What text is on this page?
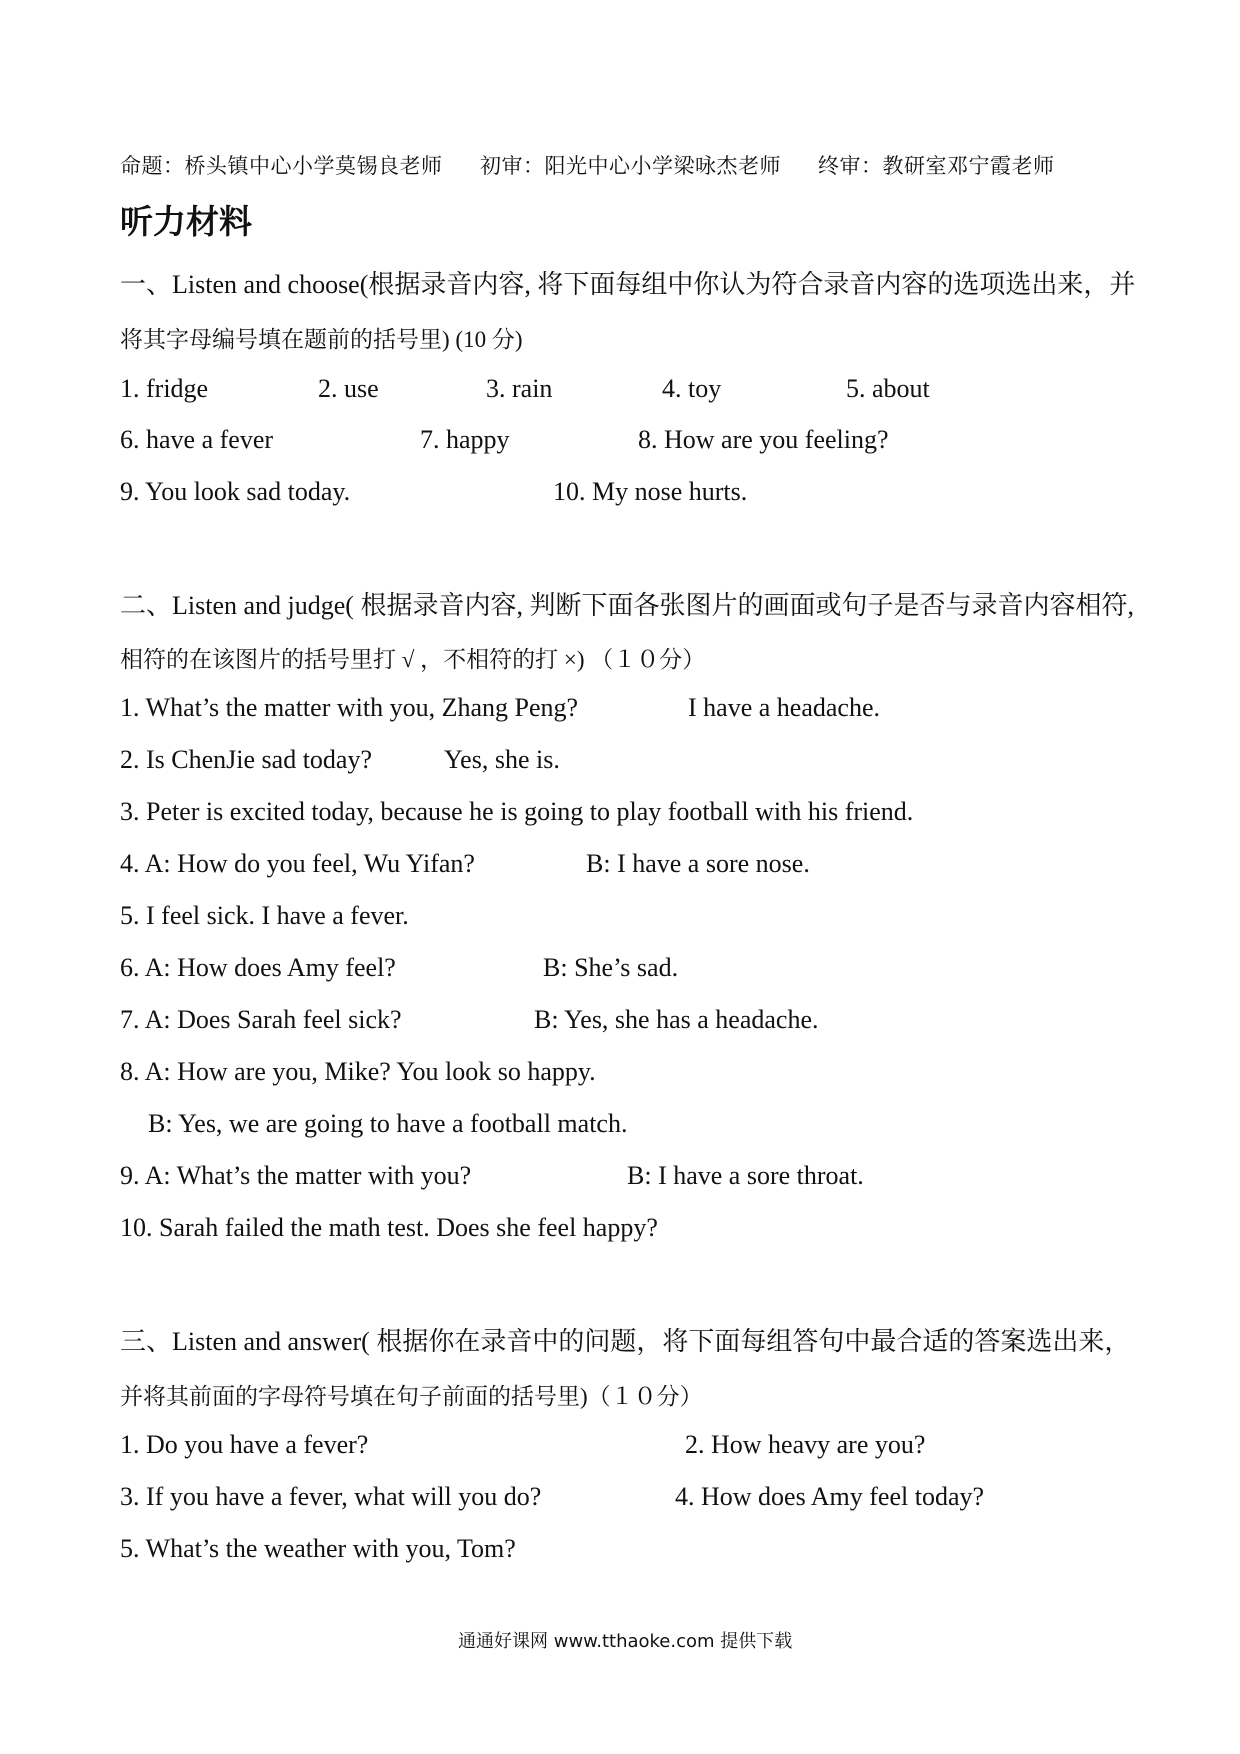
命题：桥头镇中心小学莫锡良老师 初审：阳光中心小学梁咏杰老师 终审：教研室邓宁霞老师
听力材料
一、Listen and choose(根据录音内容, 将下面每组中你认为符合录音内容的选项选出来，并
将其字母编号填在题前的括号里) (10 分)
1. fridge	2. use	3. rain	4. toy	5. about
6. have a fever	7. happy	8. How are you feeling?
9. You look sad today.	10. My nose hurts.
二、Listen and judge( 根据录音内容, 判断下面各张图片的画面或句子是否与录音内容相符,
相符的在该图片的括号里打 √ ，不相符的打 ×) （１０分）
1. What’s the matter with you, Zhang Peng?	I have a headache.
2. Is ChenJie sad today?	Yes, she is.
3. Peter is excited today, because he is going to play football with his friend.
4. A: How do you feel, Wu Yifan?	B: I have a sore nose.
5. I feel sick. I have a fever.
6. A: How does Amy feel?	B: She’s sad.
7. A: Does Sarah feel sick?	B: Yes, she has a headache.
8. A: How are you, Mike? You look so happy.
B: Yes, we are going to have a football match.
9. A: What’s the matter with you?	B: I have a sore throat.
10. Sarah failed the math test. Does she feel happy?
三、Listen and answer( 根据你在录音中的问题，将下面每组答句中最合适的答案选出来，
并将其前面的字母符号填在句子前面的括号里)（１０分）
1. Do you have a fever?	2. How heavy are you?
3. If you have a fever, what will you do?	4. How does Amy feel today?
5. What’s the weather with you, Tom?
通通好课网 www.tthaoke.com 提供下载
